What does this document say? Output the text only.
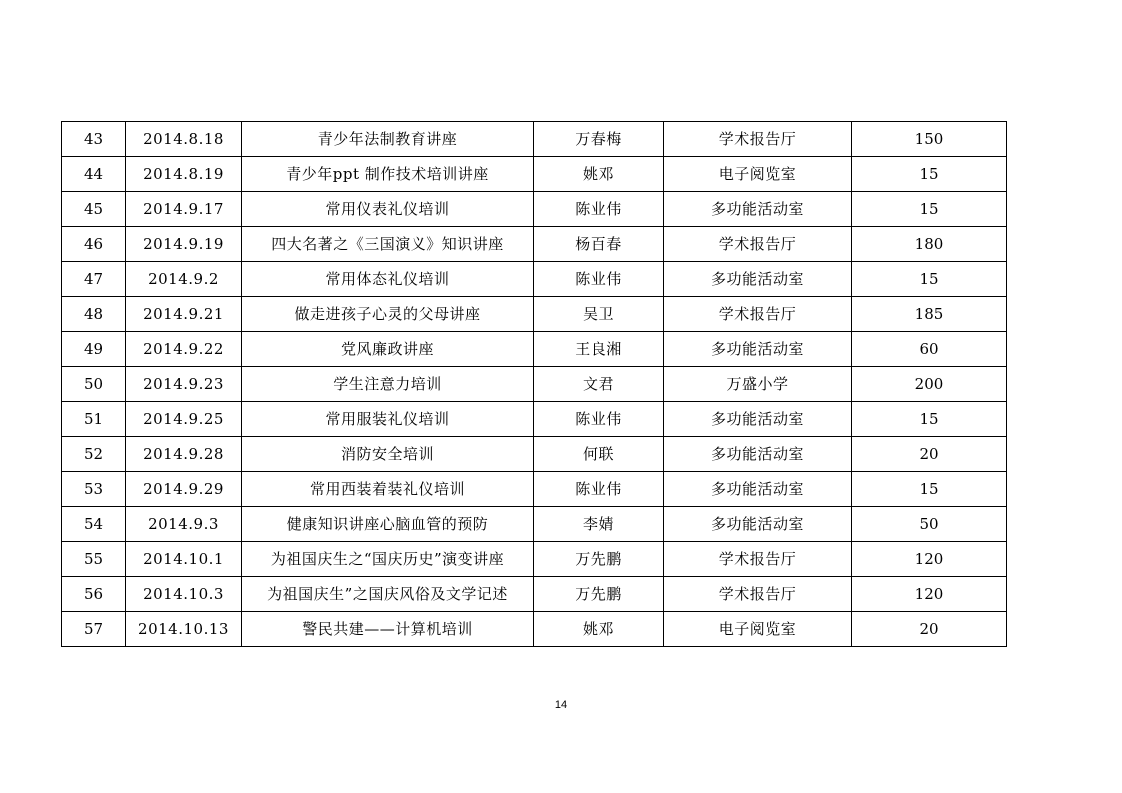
43	2014.8.18	青少年法制教育讲座	万春梅	学术报告厅	150
44	2014.8.19	青少年ppt 制作技术培训讲座	姚邓	电子阅览室	15
45	2014.9.17	常用仪表礼仪培训	陈业伟	多功能活动室	15
46	2014.9.19	四大名著之《三国演义》知识讲座	杨百春	学术报告厅	180
47	2014.9.2	常用体态礼仪培训	陈业伟	多功能活动室	15
48	2014.9.21	做走进孩子心灵的父母讲座	吴卫	学术报告厅	185
49	2014.9.22	党风廉政讲座	王良湘	多功能活动室	60
50	2014.9.23	学生注意力培训	文君	万盛小学	200
51	2014.9.25	常用服装礼仪培训	陈业伟	多功能活动室	15
52	2014.9.28	消防安全培训	何联	多功能活动室	20
53	2014.9.29	常用西装着装礼仪培训	陈业伟	多功能活动室	15
54	2014.9.3	健康知识讲座心脑血管的预防	李婧	多功能活动室	50
55	2014.10.1	为祖国庆生之“国庆历史”演变讲座	万先鹏	学术报告厅	120
56	2014.10.3	为祖国庆生”之国庆风俗及文学记述	万先鹏	学术报告厅	120
57	2014.10.13	警民共建——计算机培训	姚邓	电子阅览室	20
14
